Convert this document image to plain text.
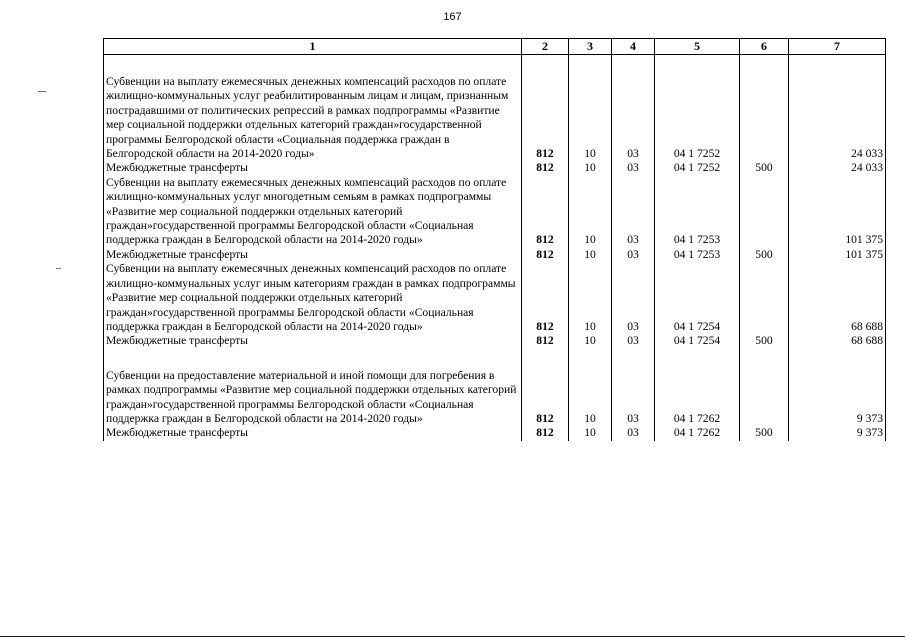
167
1	2	3	4	5	6	7

Субвенции на выплату ежемесячных денежных компенсаций расходов по оплате жилищно-коммунальных услуг реабилитированным лицам и лицам, признанным пострадавшими от политических репрессий в рамках подпрограммы «Развитие мер социальной поддержки отдельных категорий граждан»государственной программы Белгородской области «Социальная поддержка граждан в Белгородской области на 2014-2020 годы»	812	10	03	04 1 7252		24 033
Межбюджетные трансферты	812	10	03	04 1 7252	500	24 033
Субвенции на выплату ежемесячных денежных компенсаций расходов по оплате жилищно-коммунальных услуг многодетным семьям в рамках подпрограммы «Развитие мер социальной поддержки отдельных категорий граждан»государственной программы Белгородской области «Социальная поддержка граждан в Белгородской области на 2014-2020 годы»	812	10	03	04 1 7253		101 375
Межбюджетные трансферты	812	10	03	04 1 7253	500	101 375
Субвенции на выплату ежемесячных денежных компенсаций расходов по оплате жилищно-коммунальных услуг иным категориям граждан в рамках подпрограммы «Развитие мер социальной поддержки отдельных категорий граждан»государственной программы Белгородской области «Социальная поддержка граждан в Белгородской области на 2014-2020 годы»	812	10	03	04 1 7254		68 688
Межбюджетные трансферты	812	10	03	04 1 7254	500	68 688

Субвенции на предоставление материальной и иной помощи для погребения в рамках подпрограммы «Развитие мер социальной поддержки отдельных категорий граждан»государственной программы Белгородской области «Социальная поддержка граждан в Белгородской области на 2014-2020 годы»	812	10	03	04 1 7262		9 373
Межбюджетные трансферты	812	10	03	04 1 7262	500	9 373
